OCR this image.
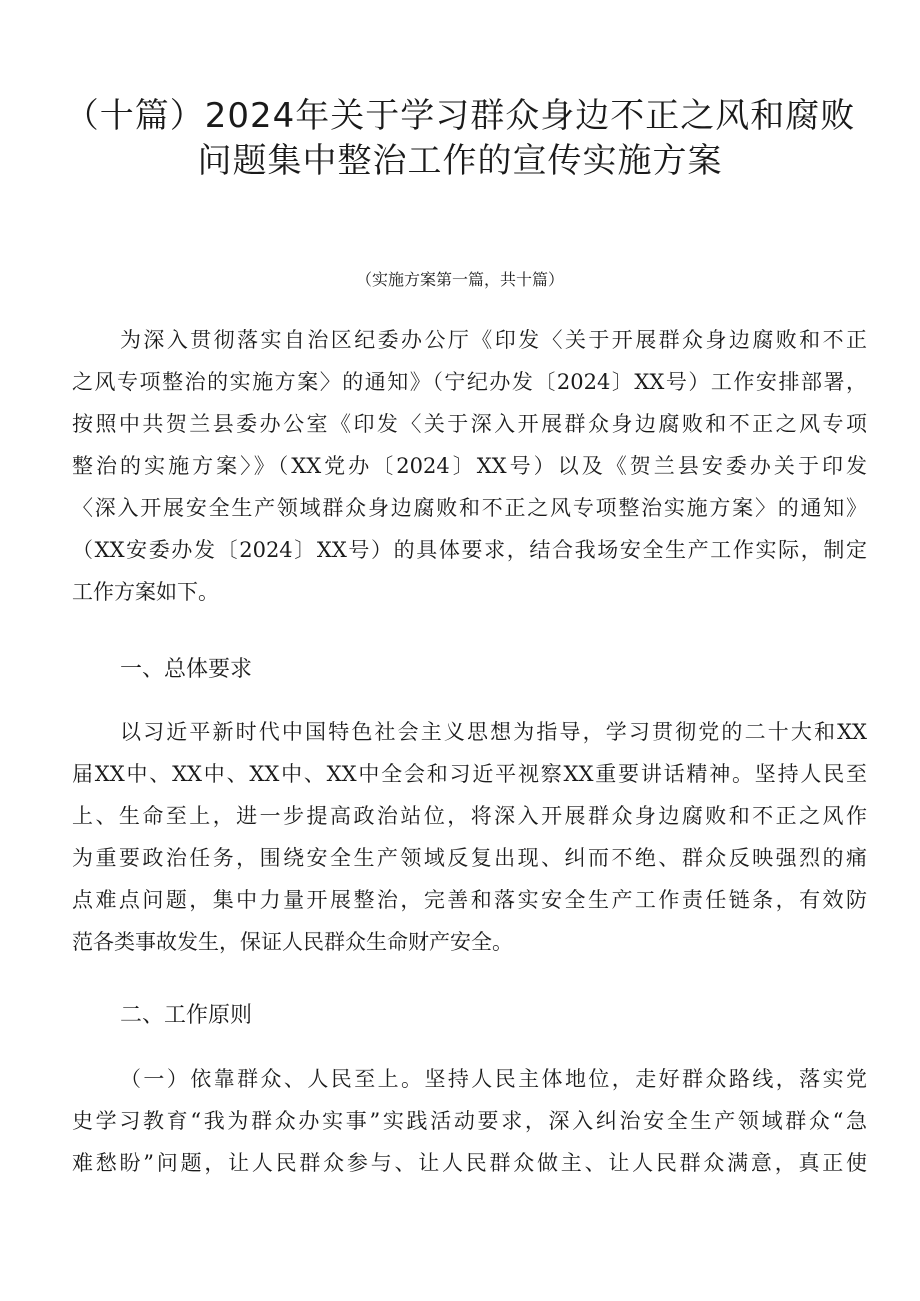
（十篇）2024年关于学习群众身边不正之风和腐败
问题集中整治工作的宣传实施方案

（实施方案第一篇，共十篇）

为深入贯彻落实自治区纪委办公厅《印发〈关于开展群众身边腐败和不正

之风专项整治的实施方案〉的通知》（宁纪办发〔2024〕XX号）工作安排部署，

按照中共贺兰县委办公室《印发〈关于深入开展群众身边腐败和不正之风专项

整治的实施方案〉》（XX党办〔2024〕XX号）以及《贺兰县安委办关于印发

〈深入开展安全生产领域群众身边腐败和不正之风专项整治实施方案〉的通知》

（XX安委办发〔2024〕XX号）的具体要求，结合我场安全生产工作实际，制定

工作方案如下。

一、总体要求

以习近平新时代中国特色社会主义思想为指导，学习贯彻党的二十大和XX

届XX中、XX中、XX中、XX中全会和习近平视察XX重要讲话精神。坚持人民至

上、生命至上，进一步提高政治站位，将深入开展群众身边腐败和不正之风作

为重要政治任务，围绕安全生产领域反复出现、纠而不绝、群众反映强烈的痛

点难点问题，集中力量开展整治，完善和落实安全生产工作责任链条，有效防

范各类事故发生，保证人民群众生命财产安全。

二、工作原则

（一）依靠群众、人民至上。坚持人民主体地位，走好群众路线，落实党

史学习教育“我为群众办实事”实践活动要求，深入纠治安全生产领域群众“急

难愁盼”问题，让人民群众参与、让人民群众做主、让人民群众满意，真正使
